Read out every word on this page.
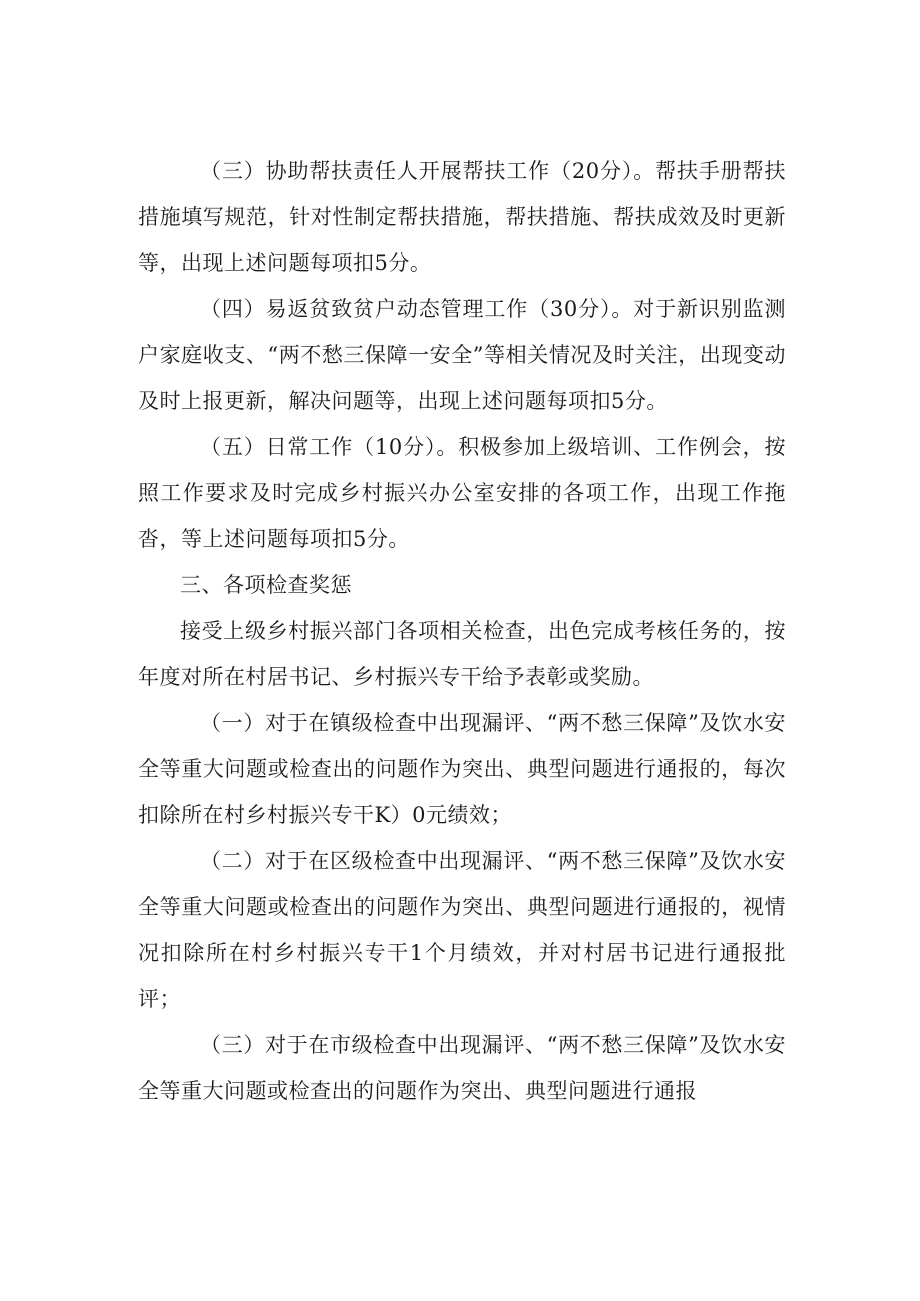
（三）协助帮扶责任人开展帮扶工作（20分）。帮扶手册帮扶措施填写规范，针对性制定帮扶措施，帮扶措施、帮扶成效及时更新等，出现上述问题每项扣5分。

（四）易返贫致贫户动态管理工作（30分）。对于新识别监测户家庭收支、“两不愁三保障一安全”等相关情况及时关注，出现变动及时上报更新，解决问题等，出现上述问题每项扣5分。

（五）日常工作（10分）。积极参加上级培训、工作例会，按照工作要求及时完成乡村振兴办公室安排的各项工作，出现工作拖沓，等上述问题每项扣5分。

三、各项检查奖惩

接受上级乡村振兴部门各项相关检查，出色完成考核任务的，按年度对所在村居书记、乡村振兴专干给予表彰或奖励。

（一）对于在镇级检查中出现漏评、“两不愁三保障”及饮水安全等重大问题或检查出的问题作为突出、典型问题进行通报的，每次扣除所在村乡村振兴专干K）0元绩效；

（二）对于在区级检查中出现漏评、“两不愁三保障”及饮水安全等重大问题或检查出的问题作为突出、典型问题进行通报的，视情况扣除所在村乡村振兴专干1个月绩效，并对村居书记进行通报批评；

（三）对于在市级检查中出现漏评、“两不愁三保障”及饮水安全等重大问题或检查出的问题作为突出、典型问题进行通报
